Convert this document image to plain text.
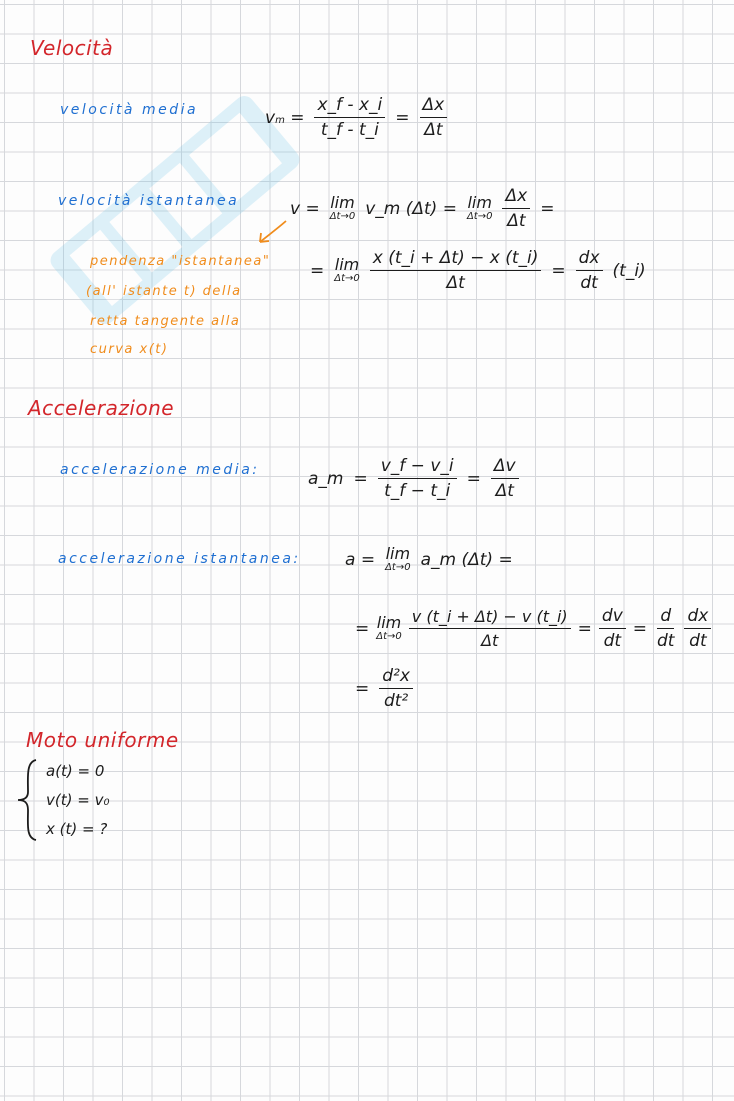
Velocità
velocità media	vm = $\frac{x\_f - x\_i}{t\_f - t\_i} = \frac{\Delta x}{\Delta t}$
velocità istantanea	v = lim
Δt→0 v_m (Δt) = lim
$\Delta t\to 0 \frac{\Delta x}{\Delta t}$ =
= lim
$\Delta t\to 0 \frac{x (t\_i + \Delta t) - x (t\_i)}{\Delta t} = \frac{dx}{dt}$ (t_i)
pendenza "istantanea"
(all' istante t) della
retta tangente alla
curva x(t)
Accelerazione
accelerazione media:	a_m = $\frac{v\_f - v\_i}{t\_f - t\_i} = \frac{\Delta v}{\Delta t}$
accelerazione istantanea:	a = lim
Δt→0 a_m (Δt) =
= lim
$\Delta t\to 0 \frac{v (t\_i + \Delta t) - v (t\_i)}{\Delta t} = \frac{dv}{dt} = \frac{d}{dt} \frac{dx}{dt}$
= $\frac{\text{d²x}}{\text{dt²}}$
Moto uniforme
a(t) = 0
v(t) = v₀
x (t) = ?
